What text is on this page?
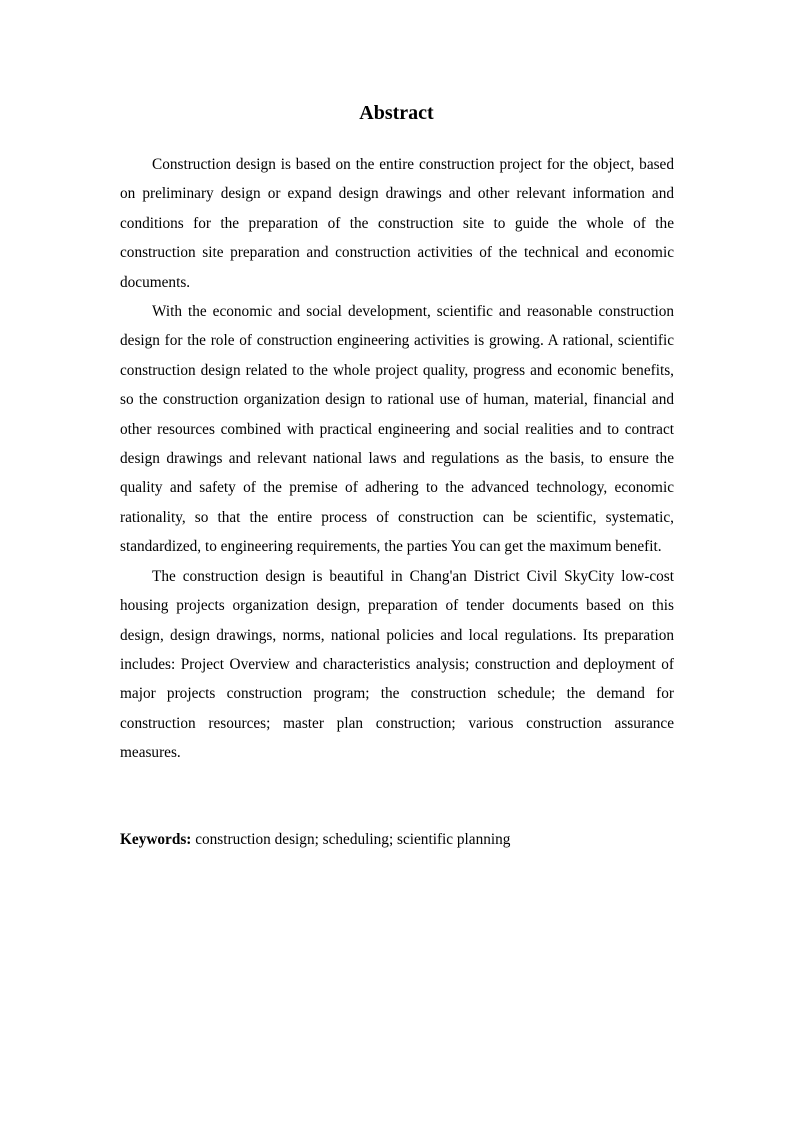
Abstract

Construction design is based on the entire construction project for the object, based on preliminary design or expand design drawings and other relevant information and conditions for the preparation of the construction site to guide the whole of the construction site preparation and construction activities of the technical and economic documents.

With the economic and social development, scientific and reasonable construction design for the role of construction engineering activities is growing. A rational, scientific construction design related to the whole project quality, progress and economic benefits, so the construction organization design to rational use of human, material, financial and other resources combined with practical engineering and social realities and to contract design drawings and relevant national laws and regulations as the basis, to ensure the quality and safety of the premise of adhering to the advanced technology, economic rationality, so that the entire process of construction can be scientific, systematic, standardized, to engineering requirements, the parties You can get the maximum benefit.

The construction design is beautiful in Chang'an District Civil SkyCity low-cost housing projects organization design, preparation of tender documents based on this design, design drawings, norms, national policies and local regulations. Its preparation includes: Project Overview and characteristics analysis; construction and deployment of major projects construction program; the construction schedule; the demand for construction resources; master plan construction; various construction assurance measures.

Keywords: construction design; scheduling; scientific planning
